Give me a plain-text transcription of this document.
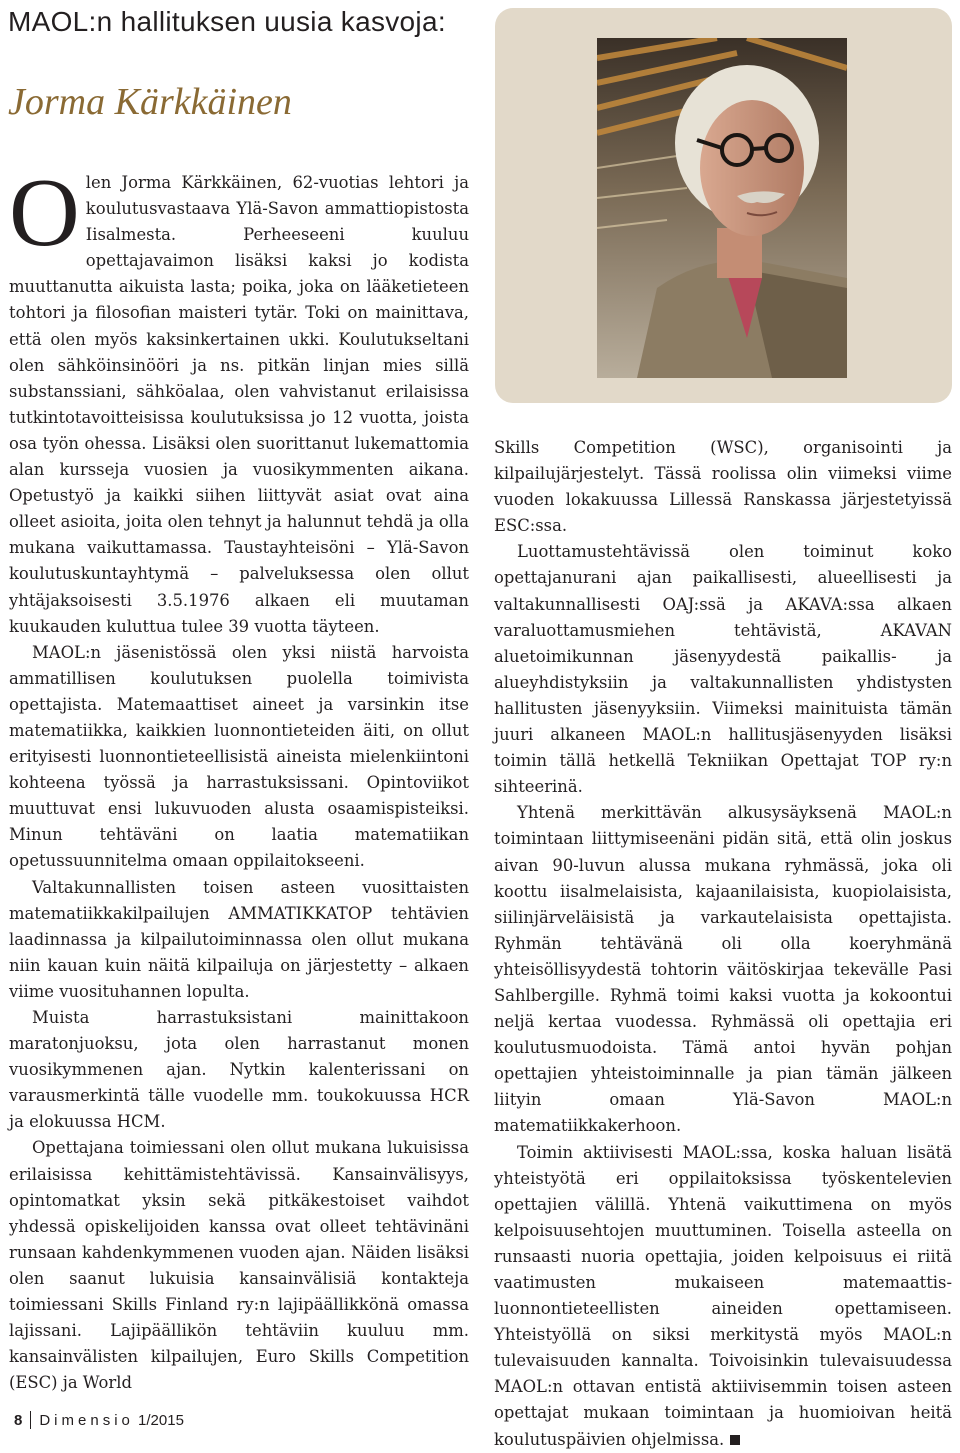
MAOL:n hallituksen uusia kasvoja:
Jorma Kärkkäinen

Olen Jorma Kärkkäinen, 62-vuotias lehtori ja koulutusvastaava Ylä-Savon ammattiopistosta Iisalmesta. Perheeseeni kuuluu opettajavaimon lisäksi kaksi jo kodista muuttanutta aikuista lasta; poika, joka on lääketieteen tohtori ja filosofian maisteri tytär. Toki on mainittava, että olen myös kaksinkertainen ukki. Koulutukseltani olen sähköinsinööri ja ns. pitkän linjan mies sillä substanssiani, sähköalaa, olen vahvistanut erilaisissa tutkintotavoitteisissa koulutuksissa jo 12 vuotta, joista osa työn ohessa. Lisäksi olen suorittanut lukemattomia alan kursseja vuosien ja vuosikymmenten aikana. Opetustyö ja kaikki siihen liittyvät asiat ovat aina olleet asioita, joita olen tehnyt ja halunnut tehdä ja olla mukana vaikuttamassa. Taustayhteisöni – Ylä-Savon koulutuskuntayhtymä – palveluksessa olen ollut yhtäjaksoisesti 3.5.1976 alkaen eli muutaman kuukauden kuluttua tulee 39 vuotta täyteen.

MAOL:n jäsenistössä olen yksi niistä harvoista ammatillisen koulutuksen puolella toimivista opettajista. Matemaattiset aineet ja varsinkin itse matematiikka, kaikkien luonnontieteiden äiti, on ollut erityisesti luonnontieteellisistä aineista mielenkiintoni kohteena työssä ja harrastuksissani. Opintoviikot muuttuvat ensi lukuvuoden alusta osaamispisteiksi. Minun tehtäväni on laatia matematiikan opetussuunnitelma omaan oppilaitokseeni.

Valtakunnallisten toisen asteen vuosittaisten matematiikkakilpailujen AMMATIKKATOP tehtävien laadinnassa ja kilpailutoiminnassa olen ollut mukana niin kauan kuin näitä kilpailuja on järjestetty – alkaen viime vuosituhannen lopulta.

Muista harrastuksistani mainittakoon maratonjuoksu, jota olen harrastanut monen vuosikymmenen ajan. Nytkin kalenterissani on varausmerkintä tälle vuodelle mm. toukokuussa HCR ja elokuussa HCM.

Opettajana toimiessani olen ollut mukana lukuisissa erilaisissa kehittämistehtävissä. Kansainvälisyys, opintomatkat yksin sekä pitkäkestoiset vaihdot yhdessä opiskelijoiden kanssa ovat olleet tehtävinäni runsaan kahdenkymmenen vuoden ajan. Näiden lisäksi olen saanut lukuisia kansainvälisiä kontakteja toimiessani Skills Finland ry:n lajipäällikkönä omassa lajissani. Lajipäällikön tehtäviin kuuluu mm. kansainvälisten kilpailujen, Euro Skills Competition (ESC) ja World

Skills Competition (WSC), organisointi ja kilpailujärjestelyt. Tässä roolissa olin viimeksi viime vuoden lokakuussa Lillessä Ranskassa järjestetyissä ESC:ssa.

Luottamustehtävissä olen toiminut koko opettajanurani ajan paikallisesti, alueellisesti ja valtakunnallisesti OAJ:ssä ja AKAVA:ssa alkaen varaluottamusmiehen tehtävistä, AKAVAN aluetoimikunnan jäsenyydestä paikallis- ja alueyhdistyksiin ja valtakunnallisten yhdistysten hallitusten jäsenyyksiin. Viimeksi mainituista tämän juuri alkaneen MAOL:n hallitusjäsenyyden lisäksi toimin tällä hetkellä Tekniikan Opettajat TOP ry:n sihteerinä.

Yhtenä merkittävän alkusysäyksenä MAOL:n toimintaan liittymiseenäni pidän sitä, että olin joskus aivan 90-luvun alussa mukana ryhmässä, joka oli koottu iisalmelaisista, kajaanilaisista, kuopiolaisista, siilinjärveläisistä ja varkautelaisista opettajista. Ryhmän tehtävänä oli olla koeryhmänä yhteisöllisyydestä tohtorin väitöskirjaa tekevälle Pasi Sahlbergille. Ryhmä toimi kaksi vuotta ja kokoontui neljä kertaa vuodessa. Ryhmässä oli opettajia eri koulutusmuodoista. Tämä antoi hyvän pohjan opettajien yhteistoiminnalle ja pian tämän jälkeen liityin omaan Ylä-Savon MAOL:n matematiikkakerhoon.

Toimin aktiivisesti MAOL:ssa, koska haluan lisätä yhteistyötä eri oppilaitoksissa työskentelevien opettajien välillä. Yhtenä vaikuttimena on myös kelpoisuusehtojen muuttuminen. Toisella asteella on runsaasti nuoria opettajia, joiden kelpoisuus ei riitä vaatimusten mukaiseen matemaattis-luonnontieteellisten aineiden opettamiseen. Yhteistyöllä on siksi merkitystä myös MAOL:n tulevaisuuden kannalta. Toivoisinkin tulevaisuudessa MAOL:n ottavan entistä aktiivisemmin toisen asteen opettajat mukaan toimintaan ja huomioivan heitä koulutuspäivien ohjelmissa.

8 Dimensio 1/2015
